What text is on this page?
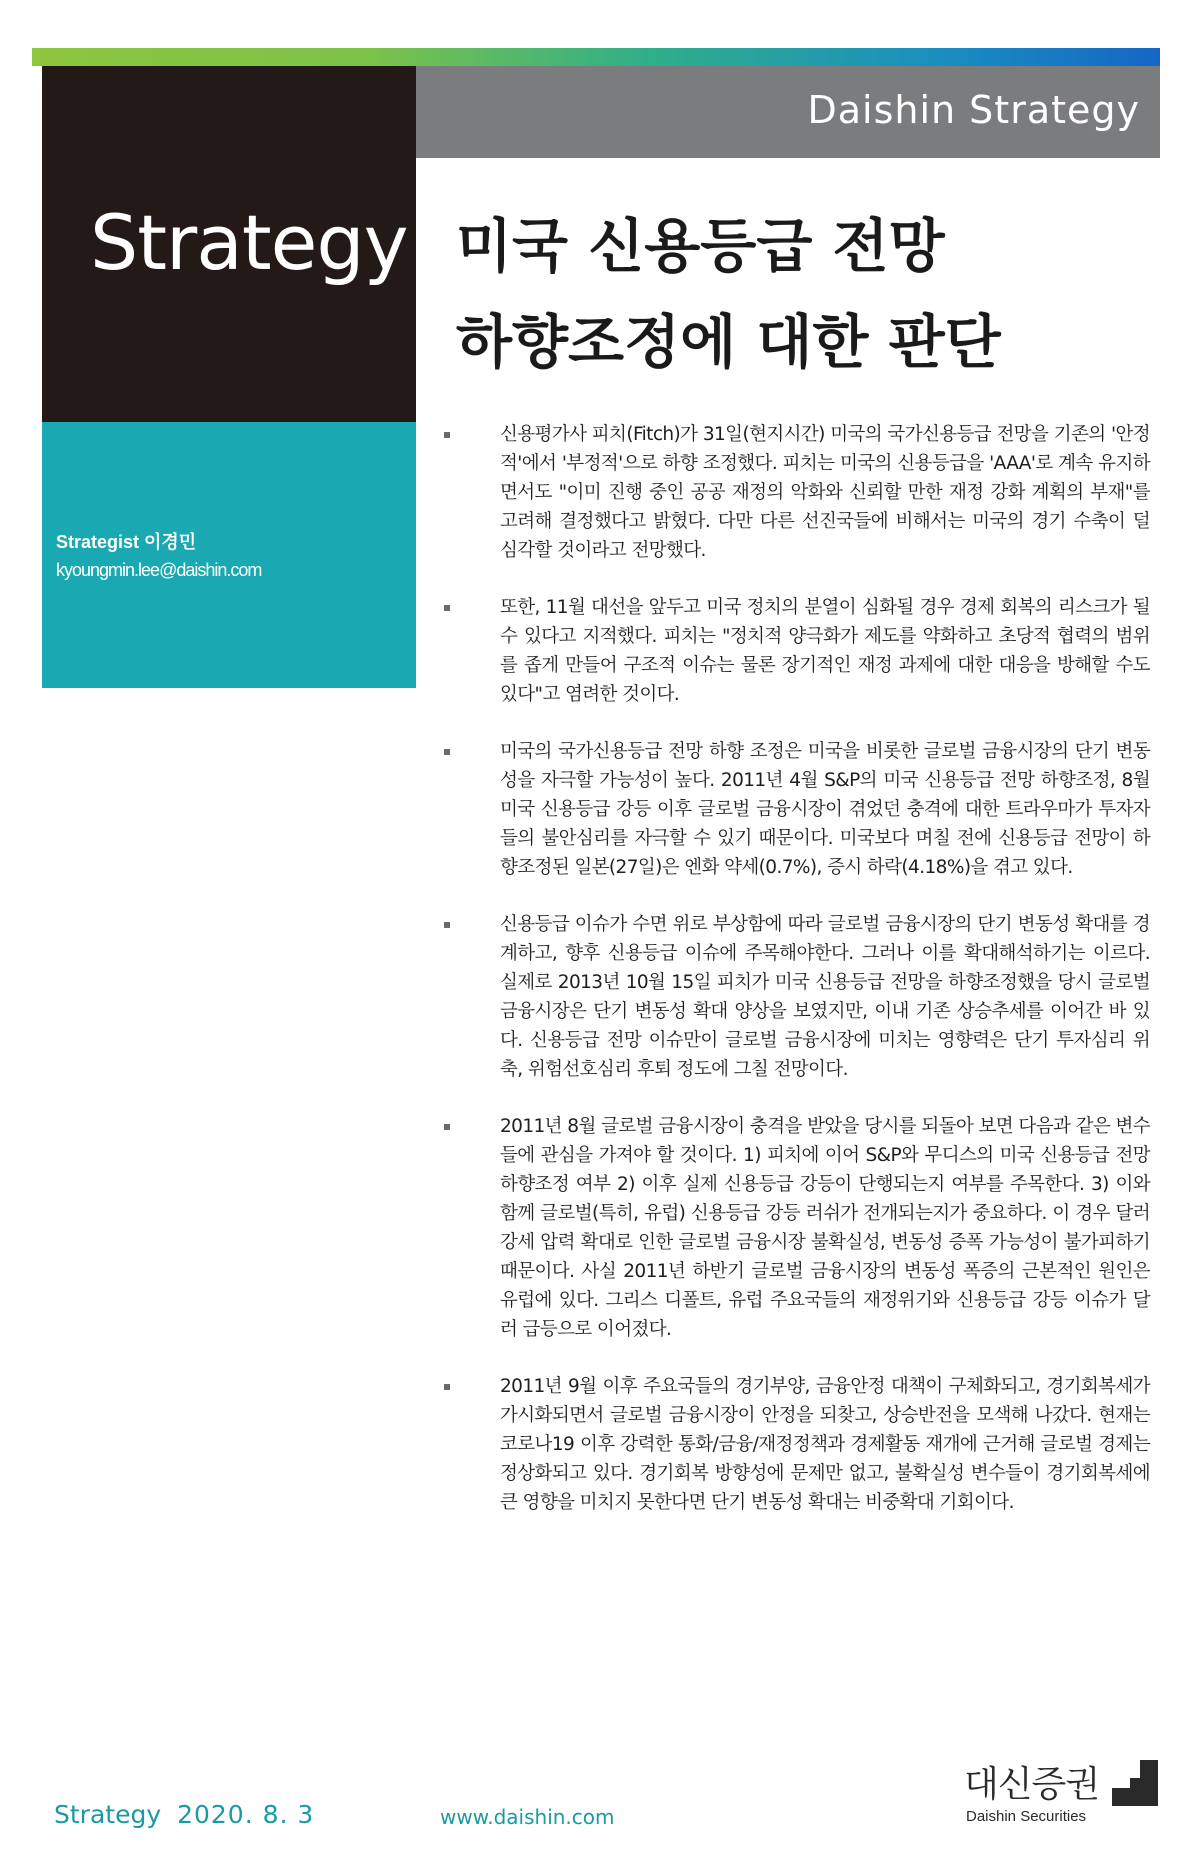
Daishin Strategy
Strategy
Strategist 이경민
kyoungmin.lee@daishin.com
미국 신용등급 전망
하향조정에 대한 판단
신용평가사 피치(Fitch)가 31일(현지시간) 미국의 국가신용등급 전망을 기존의 '안정적'에서 '부정적'으로 하향 조정했다. 피치는 미국의 신용등급을 'AAA'로 계속 유지하면서도 "이미 진행 중인 공공 재정의 악화와 신뢰할 만한 재정 강화 계획의 부재"를 고려해 결정했다고 밝혔다. 다만 다른 선진국들에 비해서는 미국의 경기 수축이 덜 심각할 것이라고 전망했다.
또한, 11월 대선을 앞두고 미국 정치의 분열이 심화될 경우 경제 회복의 리스크가 될 수 있다고 지적했다. 피치는 "정치적 양극화가 제도를 약화하고 초당적 협력의 범위를 좁게 만들어 구조적 이슈는 물론 장기적인 재정 과제에 대한 대응을 방해할 수도 있다"고 염려한 것이다.
미국의 국가신용등급 전망 하향 조정은 미국을 비롯한 글로벌 금융시장의 단기 변동성을 자극할 가능성이 높다. 2011년 4월 S&P의 미국 신용등급 전망 하향조정, 8월 미국 신용등급 강등 이후 글로벌 금융시장이 겪었던 충격에 대한 트라우마가 투자자들의 불안심리를 자극할 수 있기 때문이다. 미국보다 며칠 전에 신용등급 전망이 하향조정된 일본(27일)은 엔화 약세(0.7%), 증시 하락(4.18%)을 겪고 있다.
신용등급 이슈가 수면 위로 부상함에 따라 글로벌 금융시장의 단기 변동성 확대를 경계하고, 향후 신용등급 이슈에 주목해야한다. 그러나 이를 확대해석하기는 이르다. 실제로 2013년 10월 15일 피치가 미국 신용등급 전망을 하향조정했을 당시 글로벌 금융시장은 단기 변동성 확대 양상을 보였지만, 이내 기존 상승추세를 이어간 바 있다. 신용등급 전망 이슈만이 글로벌 금융시장에 미치는 영향력은 단기 투자심리 위축, 위험선호심리 후퇴 정도에 그칠 전망이다.
2011년 8월 글로벌 금융시장이 충격을 받았을 당시를 되돌아 보면 다음과 같은 변수들에 관심을 가져야 할 것이다. 1) 피치에 이어 S&P와 무디스의 미국 신용등급 전망 하향조정 여부 2) 이후 실제 신용등급 강등이 단행되는지 여부를 주목한다. 3) 이와 함께 글로벌(특히, 유럽) 신용등급 강등 러쉬가 전개되는지가 중요하다. 이 경우 달러 강세 압력 확대로 인한 글로벌 금융시장 불확실성, 변동성 증폭 가능성이 불가피하기 때문이다. 사실 2011년 하반기 글로벌 금융시장의 변동성 폭증의 근본적인 원인은 유럽에 있다. 그리스 디폴트, 유럽 주요국들의 재정위기와 신용등급 강등 이슈가 달러 급등으로 이어졌다.
2011년 9월 이후 주요국들의 경기부양, 금융안정 대책이 구체화되고, 경기회복세가 가시화되면서 글로벌 금융시장이 안정을 되찾고, 상승반전을 모색해 나갔다. 현재는 코로나19 이후 강력한 통화/금융/재정정책과 경제활동 재개에 근거해 글로벌 경제는 정상화되고 있다. 경기회복 방향성에 문제만 없고, 불확실성 변수들이 경기회복세에 큰 영향을 미치지 못한다면 단기 변동성 확대는 비중확대 기회이다.
Strategy 2020. 8. 3	www.daishin.com
대신증권
Daishin Securities
